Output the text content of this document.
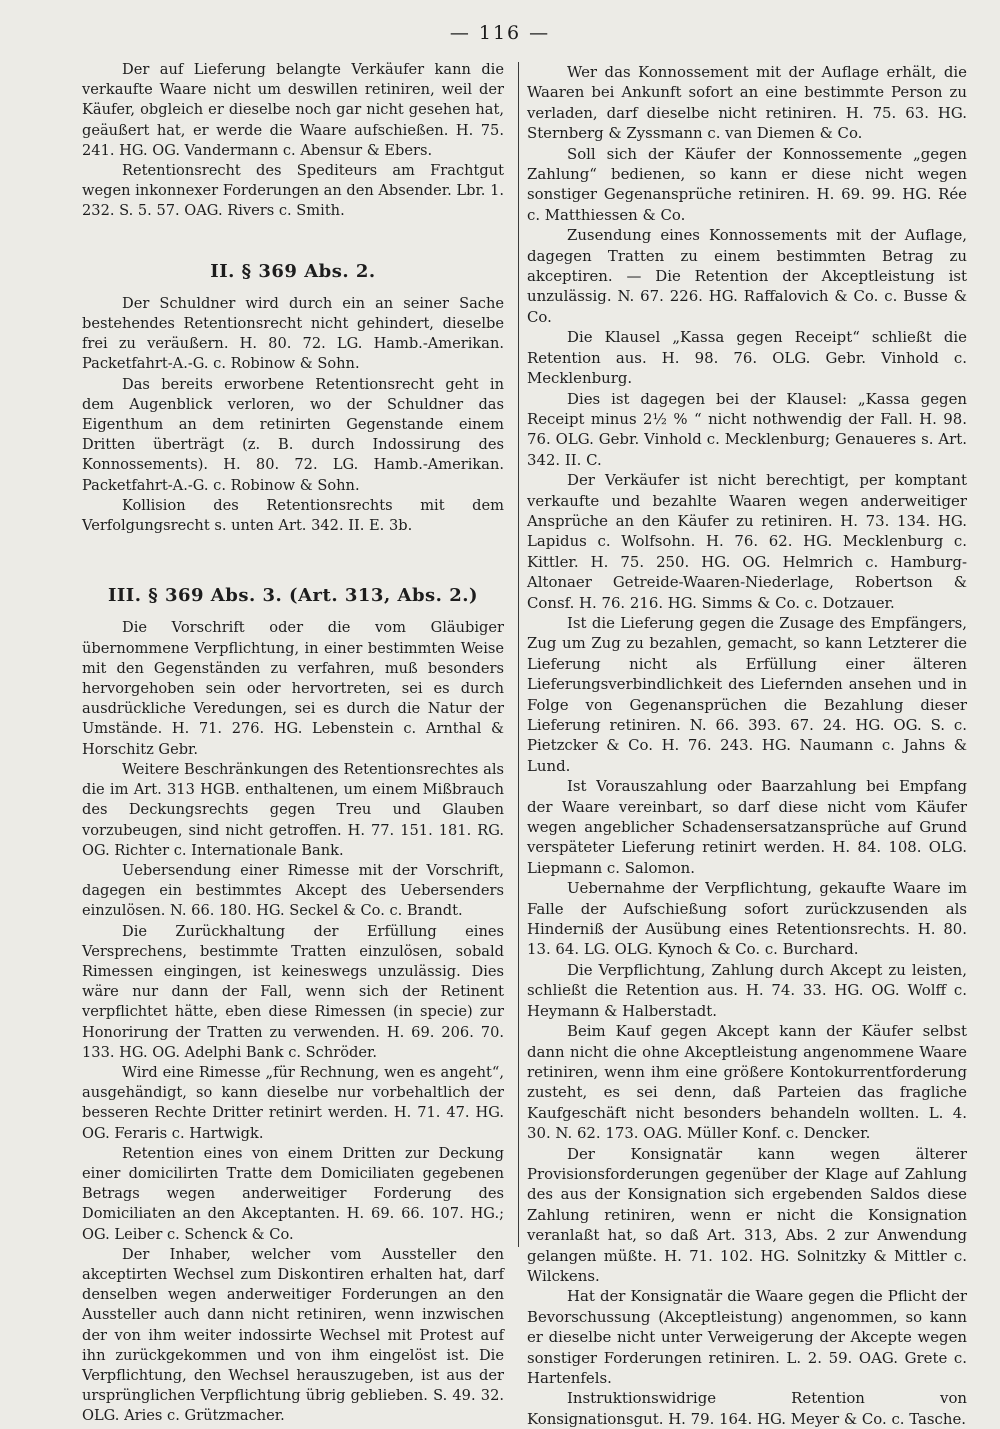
— 116 —

Der auf Lieferung belangte Verkäufer kann die verkaufte Waare nicht um deswillen retiniren, weil der Käufer, obgleich er dieselbe noch gar nicht gesehen hat, geäußert hat, er werde die Waare aufschießen. H. 75. 241. HG. OG. Vandermann c. Abensur & Ebers.

Retentionsrecht des Spediteurs am Frachtgut wegen inkonnexer Forderungen an den Absender. Lbr. 1. 232. S. 5. 57. OAG. Rivers c. Smith.

II. § 369 Abs. 2.

Der Schuldner wird durch ein an seiner Sache bestehendes Retentionsrecht nicht gehindert, dieselbe frei zu veräußern. H. 80. 72. LG. Hamb.-Amerikan. Packetfahrt-A.-G. c. Robinow & Sohn.

Das bereits erworbene Retentionsrecht geht in dem Augenblick verloren, wo der Schuldner das Eigenthum an dem retinirten Gegenstande einem Dritten überträgt (z. B. durch Indossirung des Konnossements). H. 80. 72. LG. Hamb.-Amerikan. Packetfahrt-A.-G. c. Robinow & Sohn.

Kollision des Retentionsrechts mit dem Verfolgungsrecht s. unten Art. 342. II. E. 3b.

III. § 369 Abs. 3. (Art. 313, Abs. 2.)

Die Vorschrift oder die vom Gläubiger übernommene Verpflichtung, in einer bestimmten Weise mit den Gegenständen zu verfahren, muß besonders hervorgehoben sein oder hervortreten, sei es durch ausdrückliche Veredungen, sei es durch die Natur der Umstände. H. 71. 276. HG. Lebenstein c. Arnthal & Horschitz Gebr.

Weitere Beschränkungen des Retentionsrechtes als die im Art. 313 HGB. enthaltenen, um einem Mißbrauch des Deckungsrechts gegen Treu und Glauben vorzubeugen, sind nicht getroffen. H. 77. 151. 181. RG. OG. Richter c. Internationale Bank.

Uebersendung einer Rimesse mit der Vorschrift, dagegen ein bestimmtes Akcept des Uebersenders einzulösen. N. 66. 180. HG. Seckel & Co. c. Brandt.

Die Zurückhaltung der Erfüllung eines Versprechens, bestimmte Tratten einzulösen, sobald Rimessen eingingen, ist keineswegs unzulässig. Dies wäre nur dann der Fall, wenn sich der Retinent verpflichtet hätte, eben diese Rimessen (in specie) zur Honorirung der Tratten zu verwenden. H. 69. 206. 70. 133. HG. OG. Adelphi Bank c. Schröder.

Wird eine Rimesse „für Rechnung, wen es angeht“, ausgehändigt, so kann dieselbe nur vorbehaltlich der besseren Rechte Dritter retinirt werden. H. 71. 47. HG. OG. Feraris c. Hartwigk.

Retention eines von einem Dritten zur Deckung einer domicilirten Tratte dem Domiciliaten gegebenen Betrags wegen anderweitiger Forderung des Domiciliaten an den Akceptanten. H. 69. 66. 107. HG.; OG. Leiber c. Schenck & Co.

Der Inhaber, welcher vom Aussteller den akceptirten Wechsel zum Diskontiren erhalten hat, darf denselben wegen anderweitiger Forderungen an den Aussteller auch dann nicht retiniren, wenn inzwischen der von ihm weiter indossirte Wechsel mit Protest auf ihn zurückgekommen und von ihm eingelöst ist. Die Verpflichtung, den Wechsel herauszugeben, ist aus der ursprünglichen Verpflichtung übrig geblieben. S. 49. 32. OLG. Aries c. Grützmacher.

Wer das Konnossement mit der Auflage erhält, die Waaren bei Ankunft sofort an eine bestimmte Person zu verladen, darf dieselbe nicht retiniren. H. 75. 63. HG. Sternberg & Zyssmann c. van Diemen & Co.

Soll sich der Käufer der Konnossemente „gegen Zahlung“ bedienen, so kann er diese nicht wegen sonstiger Gegenansprüche retiniren. H. 69. 99. HG. Rée c. Matthiessen & Co.

Zusendung eines Konnossements mit der Auflage, dagegen Tratten zu einem bestimmten Betrag zu akceptiren. — Die Retention der Akceptleistung ist unzulässig. N. 67. 226. HG. Raffalovich & Co. c. Busse & Co.

Die Klausel „Kassa gegen Receipt“ schließt die Retention aus. H. 98. 76. OLG. Gebr. Vinhold c. Mecklenburg.

Dies ist dagegen bei der Klausel: „Kassa gegen Receipt minus 2½ % “ nicht nothwendig der Fall. H. 98. 76. OLG. Gebr. Vinhold c. Mecklenburg; Genaueres s. Art. 342. II. C.

Der Verkäufer ist nicht berechtigt, per komptant verkaufte und bezahlte Waaren wegen anderweitiger Ansprüche an den Käufer zu retiniren. H. 73. 134. HG. Lapidus c. Wolfsohn. H. 76. 62. HG. Mecklenburg c. Kittler. H. 75. 250. HG. OG. Helmrich c. Hamburg-Altonaer Getreide-Waaren-Niederlage, Robertson & Consf. H. 76. 216. HG. Simms & Co. c. Dotzauer.

Ist die Lieferung gegen die Zusage des Empfängers, Zug um Zug zu bezahlen, gemacht, so kann Letzterer die Lieferung nicht als Erfüllung einer älteren Lieferungsverbindlichkeit des Liefernden ansehen und in Folge von Gegenansprüchen die Bezahlung dieser Lieferung retiniren. N. 66. 393. 67. 24. HG. OG. S. c. Pietzcker & Co. H. 76. 243. HG. Naumann c. Jahns & Lund.

Ist Vorauszahlung oder Baarzahlung bei Empfang der Waare vereinbart, so darf diese nicht vom Käufer wegen angeblicher Schadensersatzansprüche auf Grund verspäteter Lieferung retinirt werden. H. 84. 108. OLG. Liepmann c. Salomon.

Uebernahme der Verpflichtung, gekaufte Waare im Falle der Aufschießung sofort zurückzusenden als Hinderniß der Ausübung eines Retentionsrechts. H. 80. 13. 64. LG. OLG. Kynoch & Co. c. Burchard.

Die Verpflichtung, Zahlung durch Akcept zu leisten, schließt die Retention aus. H. 74. 33. HG. OG. Wolff c. Heymann & Halberstadt.

Beim Kauf gegen Akcept kann der Käufer selbst dann nicht die ohne Akceptleistung angenommene Waare retiniren, wenn ihm eine größere Kontokurrentforderung zusteht, es sei denn, daß Parteien das fragliche Kaufgeschäft nicht besonders behandeln wollten. L. 4. 30. N. 62. 173. OAG. Müller Konf. c. Dencker.

Der Konsignatär kann wegen älterer Provisionsforderungen gegenüber der Klage auf Zahlung des aus der Konsignation sich ergebenden Saldos diese Zahlung retiniren, wenn er nicht die Konsignation veranlaßt hat, so daß Art. 313, Abs. 2 zur Anwendung gelangen müßte. H. 71. 102. HG. Solnitzky & Mittler c. Wilckens.

Hat der Konsignatär die Waare gegen die Pflicht der Bevorschussung (Akceptleistung) angenommen, so kann er dieselbe nicht unter Verweigerung der Akcepte wegen sonstiger Forderungen retiniren. L. 2. 59. OAG. Grete c. Hartenfels.

Instruktionswidrige Retention von Konsignationsgut. H. 79. 164. HG. Meyer & Co. c. Tasche.
